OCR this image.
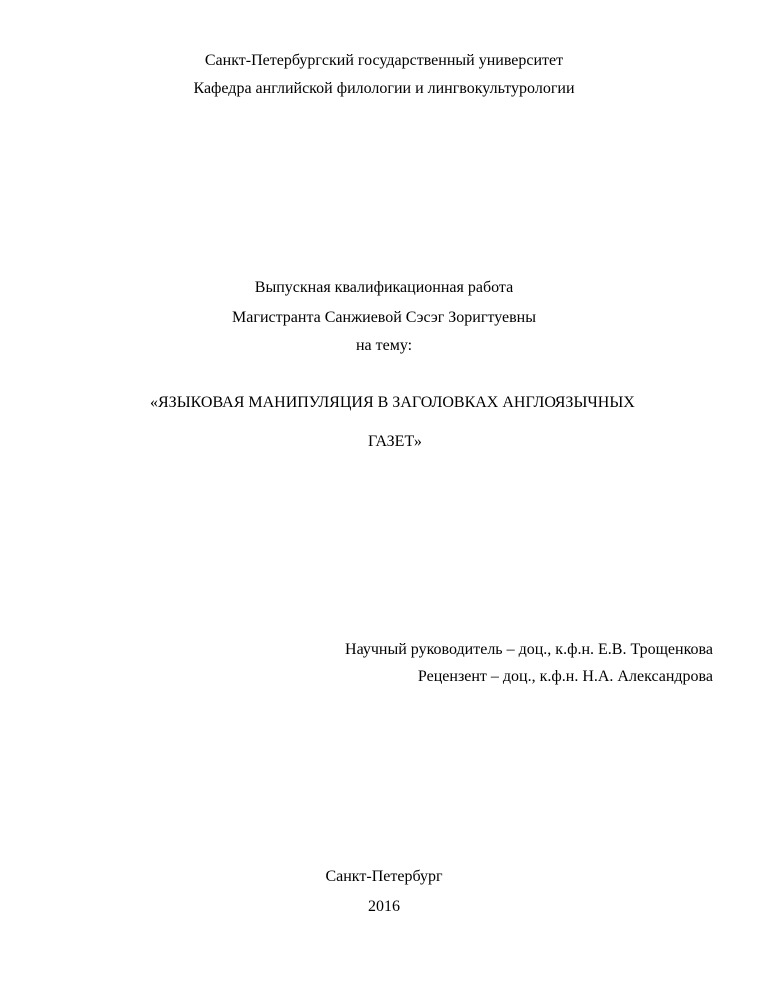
Санкт-Петербургский государственный университет
Кафедра английской филологии и лингвокультурологии
Выпускная квалификационная работа
Магистранта Санжиевой Сэсэг Зоригтуевны
на тему:
«ЯЗЫКОВАЯ МАНИПУЛЯЦИЯ В ЗАГОЛОВКАХ АНГЛОЯЗЫЧНЫХ
ГАЗЕТ»
Научный руководитель – доц., к.ф.н. Е.В. Трощенкова
Рецензент – доц., к.ф.н. Н.А. Александрова
Санкт-Петербург
2016
